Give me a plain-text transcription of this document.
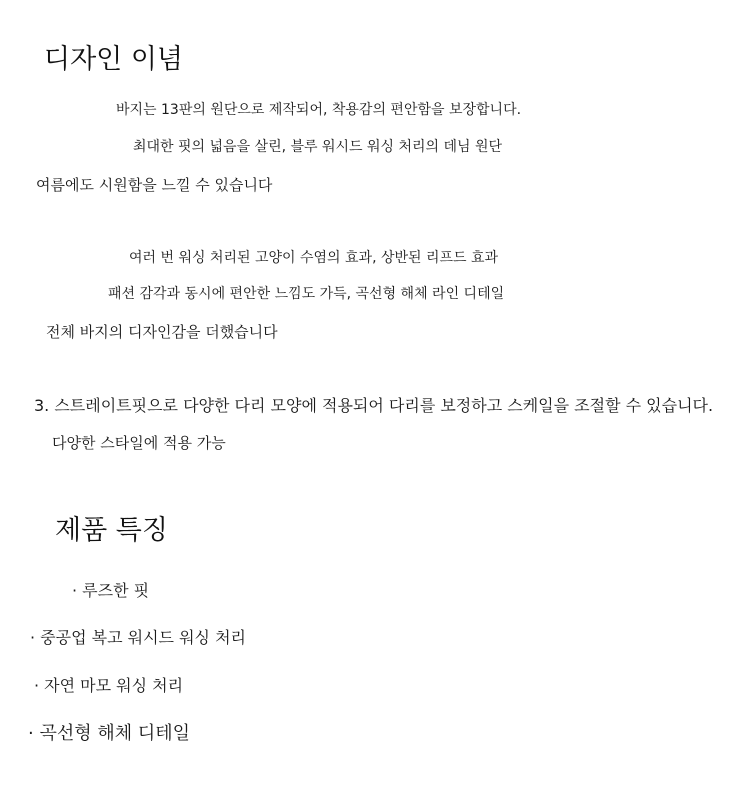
디자인 이념

바지는 13판의 원단으로 제작되어, 착용감의 편안함을 보장합니다.

최대한 핏의 넓음을 살린, 블루 워시드 워싱 처리의 데님 원단

여름에도 시원함을 느낄 수 있습니다

여러 번 워싱 처리된 고양이 수염의 효과, 상반된 리프드 효과

패션 감각과 동시에 편안한 느낌도 가득, 곡선형 해체 라인 디테일

전체 바지의 디자인감을 더했습니다

3. 스트레이트핏으로 다양한 다리 모양에 적용되어 다리를 보정하고 스케일을 조절할 수 있습니다.

다양한 스타일에 적용 가능

제품 특징
· 루즈한 핏
· 중공업 복고 워시드 워싱 처리
· 자연 마모 워싱 처리
· 곡선형 해체 디테일
